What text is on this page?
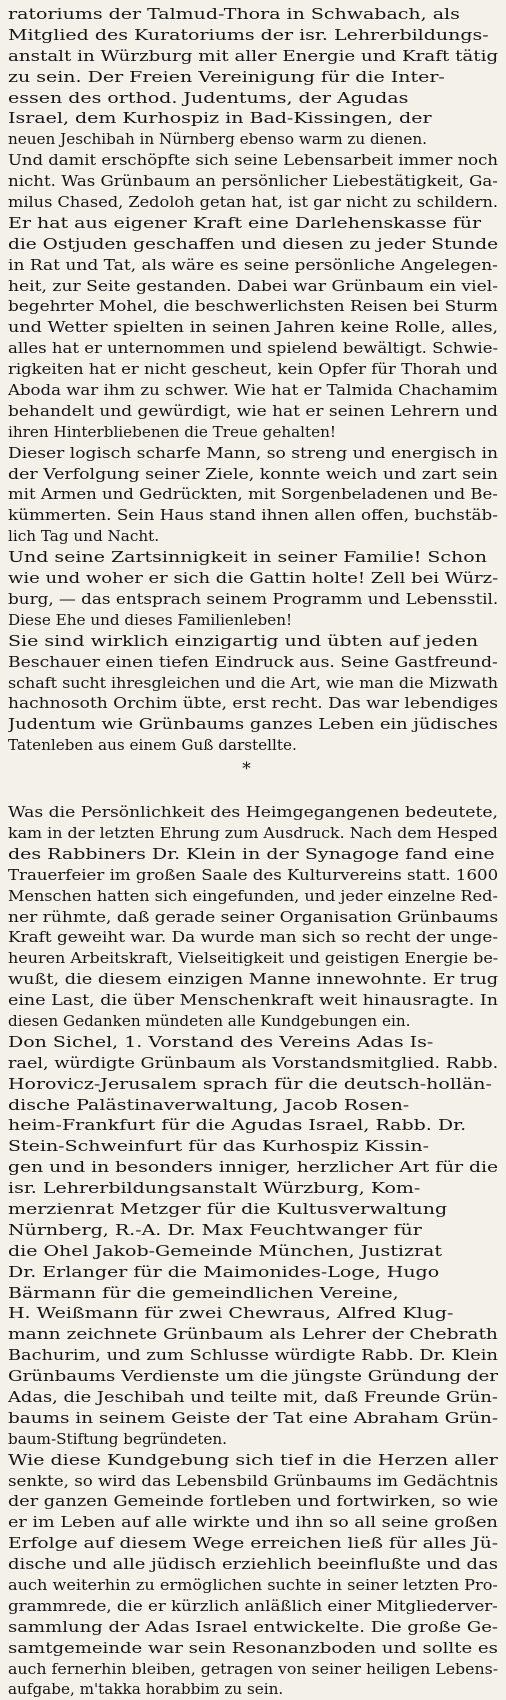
ratoriums der Talmud-Thora in Schwabach, als
Mitglied des Kuratoriums der isr. Lehrerbildungs-
anstalt in Würzburg mit aller Energie und Kraft tätig
zu sein. Der Freien Vereinigung für die Inter-
essen des orthod. Judentums, der Agudas
Israel, dem Kurhospiz in Bad-Kissingen, der
neuen Jeschibah in Nürnberg ebenso warm zu dienen.
Und damit erschöpfte sich seine Lebensarbeit immer noch
nicht. Was Grünbaum an persönlicher Liebestätigkeit, Ga-
milus Chased, Zedoloh getan hat, ist gar nicht zu schildern.
Er hat aus eigener Kraft eine Darlehenskasse für
die Ostjuden geschaffen und diesen zu jeder Stunde
in Rat und Tat, als wäre es seine persönliche Angelegen-
heit, zur Seite gestanden. Dabei war Grünbaum ein viel-
begehrter Mohel, die beschwerlichsten Reisen bei Sturm
und Wetter spielten in seinen Jahren keine Rolle, alles,
alles hat er unternommen und spielend bewältigt. Schwie-
rigkeiten hat er nicht gescheut, kein Opfer für Thorah und
Aboda war ihm zu schwer. Wie hat er Talmida Chachamim
behandelt und gewürdigt, wie hat er seinen Lehrern und
ihren Hinterbliebenen die Treue gehalten!
Dieser logisch scharfe Mann, so streng und energisch in
der Verfolgung seiner Ziele, konnte weich und zart sein
mit Armen und Gedrückten, mit Sorgenbeladenen und Be-
kümmerten. Sein Haus stand ihnen allen offen, buchstäb-
lich Tag und Nacht.
Und seine Zartsinnigkeit in seiner Familie! Schon
wie und woher er sich die Gattin holte! Zell bei Würz-
burg, — das entsprach seinem Programm und Lebensstil.
Diese Ehe und dieses Familienleben!
Sie sind wirklich einzigartig und übten auf jeden
Beschauer einen tiefen Eindruck aus. Seine Gastfreund-
schaft sucht ihresgleichen und die Art, wie man die Mizwath
hachnosoth Orchim übte, erst recht. Das war lebendiges
Judentum wie Grünbaums ganzes Leben ein jüdisches
Tatenleben aus einem Guß darstellte.
*
Was die Persönlichkeit des Heimgegangenen bedeutete,
kam in der letzten Ehrung zum Ausdruck. Nach dem Hesped
des Rabbiners Dr. Klein in der Synagoge fand eine
Trauerfeier im großen Saale des Kulturvereins statt. 1600
Menschen hatten sich eingefunden, und jeder einzelne Red-
ner rühmte, daß gerade seiner Organisation Grünbaums
Kraft geweiht war. Da wurde man sich so recht der unge-
heuren Arbeitskraft, Vielseitigkeit und geistigen Energie be-
wußt, die diesem einzigen Manne innewohnte. Er trug
eine Last, die über Menschenkraft weit hinausragte. In
diesen Gedanken mündeten alle Kundgebungen ein.
Don Sichel, 1. Vorstand des Vereins Adas Is-
rael, würdigte Grünbaum als Vorstandsmitglied. Rabb.
Horovicz-Jerusalem sprach für die deutsch-hollän-
dische Palästinaverwaltung, Jacob Rosen-
heim-Frankfurt für die Agudas Israel, Rabb. Dr.
Stein-Schweinfurt für das Kurhospiz Kissin-
gen und in besonders inniger, herzlicher Art für die
isr. Lehrerbildungsanstalt Würzburg, Kom-
merzienrat Metzger für die Kultusverwaltung
Nürnberg, R.-A. Dr. Max Feuchtwanger für
die Ohel Jakob-Gemeinde München, Justizrat
Dr. Erlanger für die Maimonides-Loge, Hugo
Bärmann für die gemeindlichen Vereine,
H. Weißmann für zwei Chewraus, Alfred Klug-
mann zeichnete Grünbaum als Lehrer der Chebrath
Bachurim, und zum Schlusse würdigte Rabb. Dr. Klein
Grünbaums Verdienste um die jüngste Gründung der
Adas, die Jeschibah und teilte mit, daß Freunde Grün-
baums in seinem Geiste der Tat eine Abraham Grün-
baum-Stiftung begründeten.
Wie diese Kundgebung sich tief in die Herzen aller
senkte, so wird das Lebensbild Grünbaums im Gedächtnis
der ganzen Gemeinde fortleben und fortwirken, so wie
er im Leben auf alle wirkte und ihn so all seine großen
Erfolge auf diesem Wege erreichen ließ für alles Jü-
dische und alle jüdisch erziehlich beeinflußte und das
auch weiterhin zu ermöglichen suchte in seiner letzten Pro-
grammrede, die er kürzlich anläßlich einer Mitgliederver-
sammlung der Adas Israel entwickelte. Die große Ge-
samtgemeinde war sein Resonanzboden und sollte es
auch fernerhin bleiben, getragen von seiner heiligen Lebens-
aufgabe, m'takka horabbim zu sein.
